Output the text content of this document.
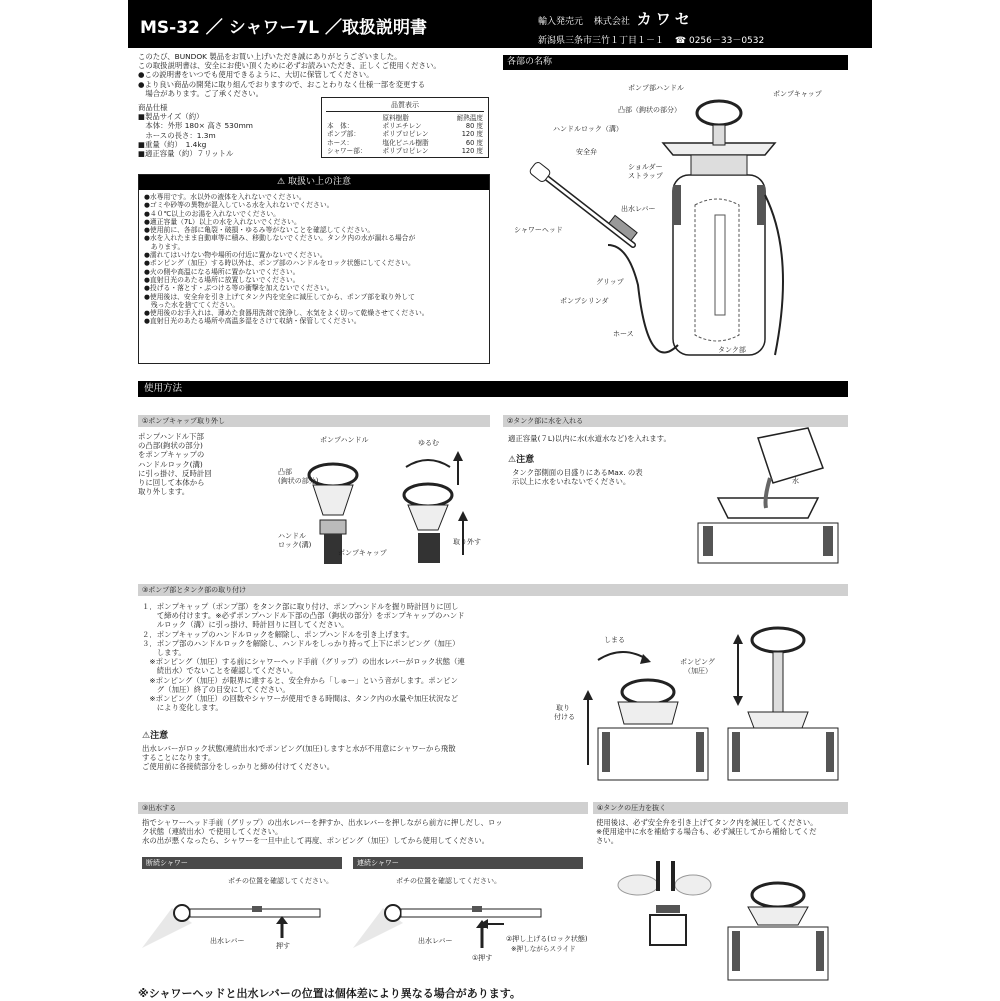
MS-32 ／ シャワー7L ／取扱説明書	輸入発売元 株式会社 カワセ
新潟県三条市三竹１丁目１－１ ☎ 0256－33－0532
このたび、BUNDOK 製品をお買い上げいただき誠にありがとうございました。
この取扱説明書は、安全にお使い頂くために必ずお読みいただき、正しくご使用ください。
●この説明書をいつでも使用できるように、大切に保管してください。
●より良い商品の開発に取り組んでおりますので、おことわりなく仕様一部を変更する
　場合があります。ご了承ください。
商品仕様
■製品サイズ（約）
　本体：外形 180× 高さ 530mm
　ホースの長さ：1.3m
■重量（約）　1.4kg
■適正容量（約）７リットル
品質表示
	原料樹脂	耐熱温度
本　体：	ポリエチレン	80 度
ポンプ部：	ポリプロピレン	120 度
ホース：	塩化ビニル樹脂	60 度
シャワー部：	ポリプロピレン	120 度
⚠ 取扱い上の注意
●水専用です。水以外の液体を入れないでください。
●ゴミや砂等の異物が混入している水を入れないでください。
●４０℃以上のお湯を入れないでください。
●適正容量（7L）以上の水を入れないでください。
●使用前に、各部に亀裂・破損・ゆるみ等がないことを確認してください。
●水を入れたまま自動車等に積み、移動しないでください。タンク内の水が漏れる場合が
　あります。
●濡れてはいけない物や場所の付近に置かないでください。
●ポンピング（加圧）する時以外は、ポンプ部のハンドルをロック状態にしてください。
●火の側や高温になる場所に置かないでください。
●直射日光のあたる場所に放置しないでください。
●投げる・落とす・ぶつける等の衝撃を加えないでください。
●使用後は、安全弁を引き上げてタンク内を完全に減圧してから、ポンプ部を取り外して
　残った水を捨ててください。
●使用後のお手入れは、薄めた食器用洗剤で洗浄し、水気をよく切って乾燥させてください。
●直射日光のあたる場所や高温多湿をさけて収納・保管してください。
各部の名称
ポンプ部ハンドル
ポンプキャップ
凸部（鉤状の部分）
ハンドルロック（溝）
安全弁
ショルダー
ストラップ
出水レバー
シャワーヘッド
グリップ
ポンプシリンダ
ホース
タンク部
使用方法
①ポンプキャップ取り外し
ポンプハンドル下部
の凸部(鉤状の部分)
をポンプキャップの
ハンドルロック(溝)
に引っ掛け、反時計回
りに回して本体から
取り外します。
ポンプハンドル
凸部
(鉤状の部分)
ハンドル
ロック(溝)
ポンプキャップ
ゆるむ
取り外す
②タンク部に水を入れる
適正容量(７L)以内に水(水道水など)を入れます。
⚠注意
タンク部側面の目盛りにあるMax. の表
示以上に水をいれないでください。	水
③ポンプ部とタンク部の取り付け
１．ポンプキャップ（ポンプ部）をタンク部に取り付け、ポンプハンドルを握り時計回りに回し
　　て締め付けます。※必ずポンプハンドル下部の凸部（鉤状の部分）をポンプキャップのハンド
　　ルロック（溝）に引っ掛け、時計回りに回してください。
２．ポンプキャップのハンドルロックを解除し、ポンプハンドルを引き上げます。
３．ポンプ部のハンドルロックを解除し、ハンドルをしっかり持って上下にポンピング（加圧）
　　します。
　※ポンピング（加圧）する前にシャワーヘッド手前（グリップ）の出水レバーがロック状態（連
　　続出水）でないことを確認してください。
　※ポンピング（加圧）が限界に達すると、安全弁から「しゅー」という音がします。ポンピン
　　グ（加圧）終了の目安にしてください。
　※ポンピング（加圧）の回数やシャワーが使用できる時間は、タンク内の水量や加圧状況など
　　により変化します。
⚠注意
出水レバーがロック状態(連続出水)でポンピング(加圧)しますと水が不用意にシャワーから飛散
することになります。
ご使用前に各接続部分をしっかりと締め付けてください。
しまる
取り
付ける
ポンピング
（加圧）
③出水する
指でシャワーヘッド手前（グリップ）の出水レバーを押すか、出水レバーを押しながら前方に押しだし、ロッ
ク状態（連続出水）で使用してください。
水の出が悪くなったら、シャワーを一旦中止して再度、ポンピング（加圧）してから使用してください。
断続シャワー	連続シャワー
ポチの位置を確認してください。	ポチの位置を確認してください。
出水レバー
押す
出水レバー	②押し上げる(ロック状態)
※押しながらスライド
①押す
④タンクの圧力を抜く
使用後は、必ず安全弁を引き上げてタンク内を減圧してください。
※使用途中に水を補給する場合も、必ず減圧してから補給してくだ
さい。
※シャワーヘッドと出水レバーの位置は個体差により異なる場合があります。
